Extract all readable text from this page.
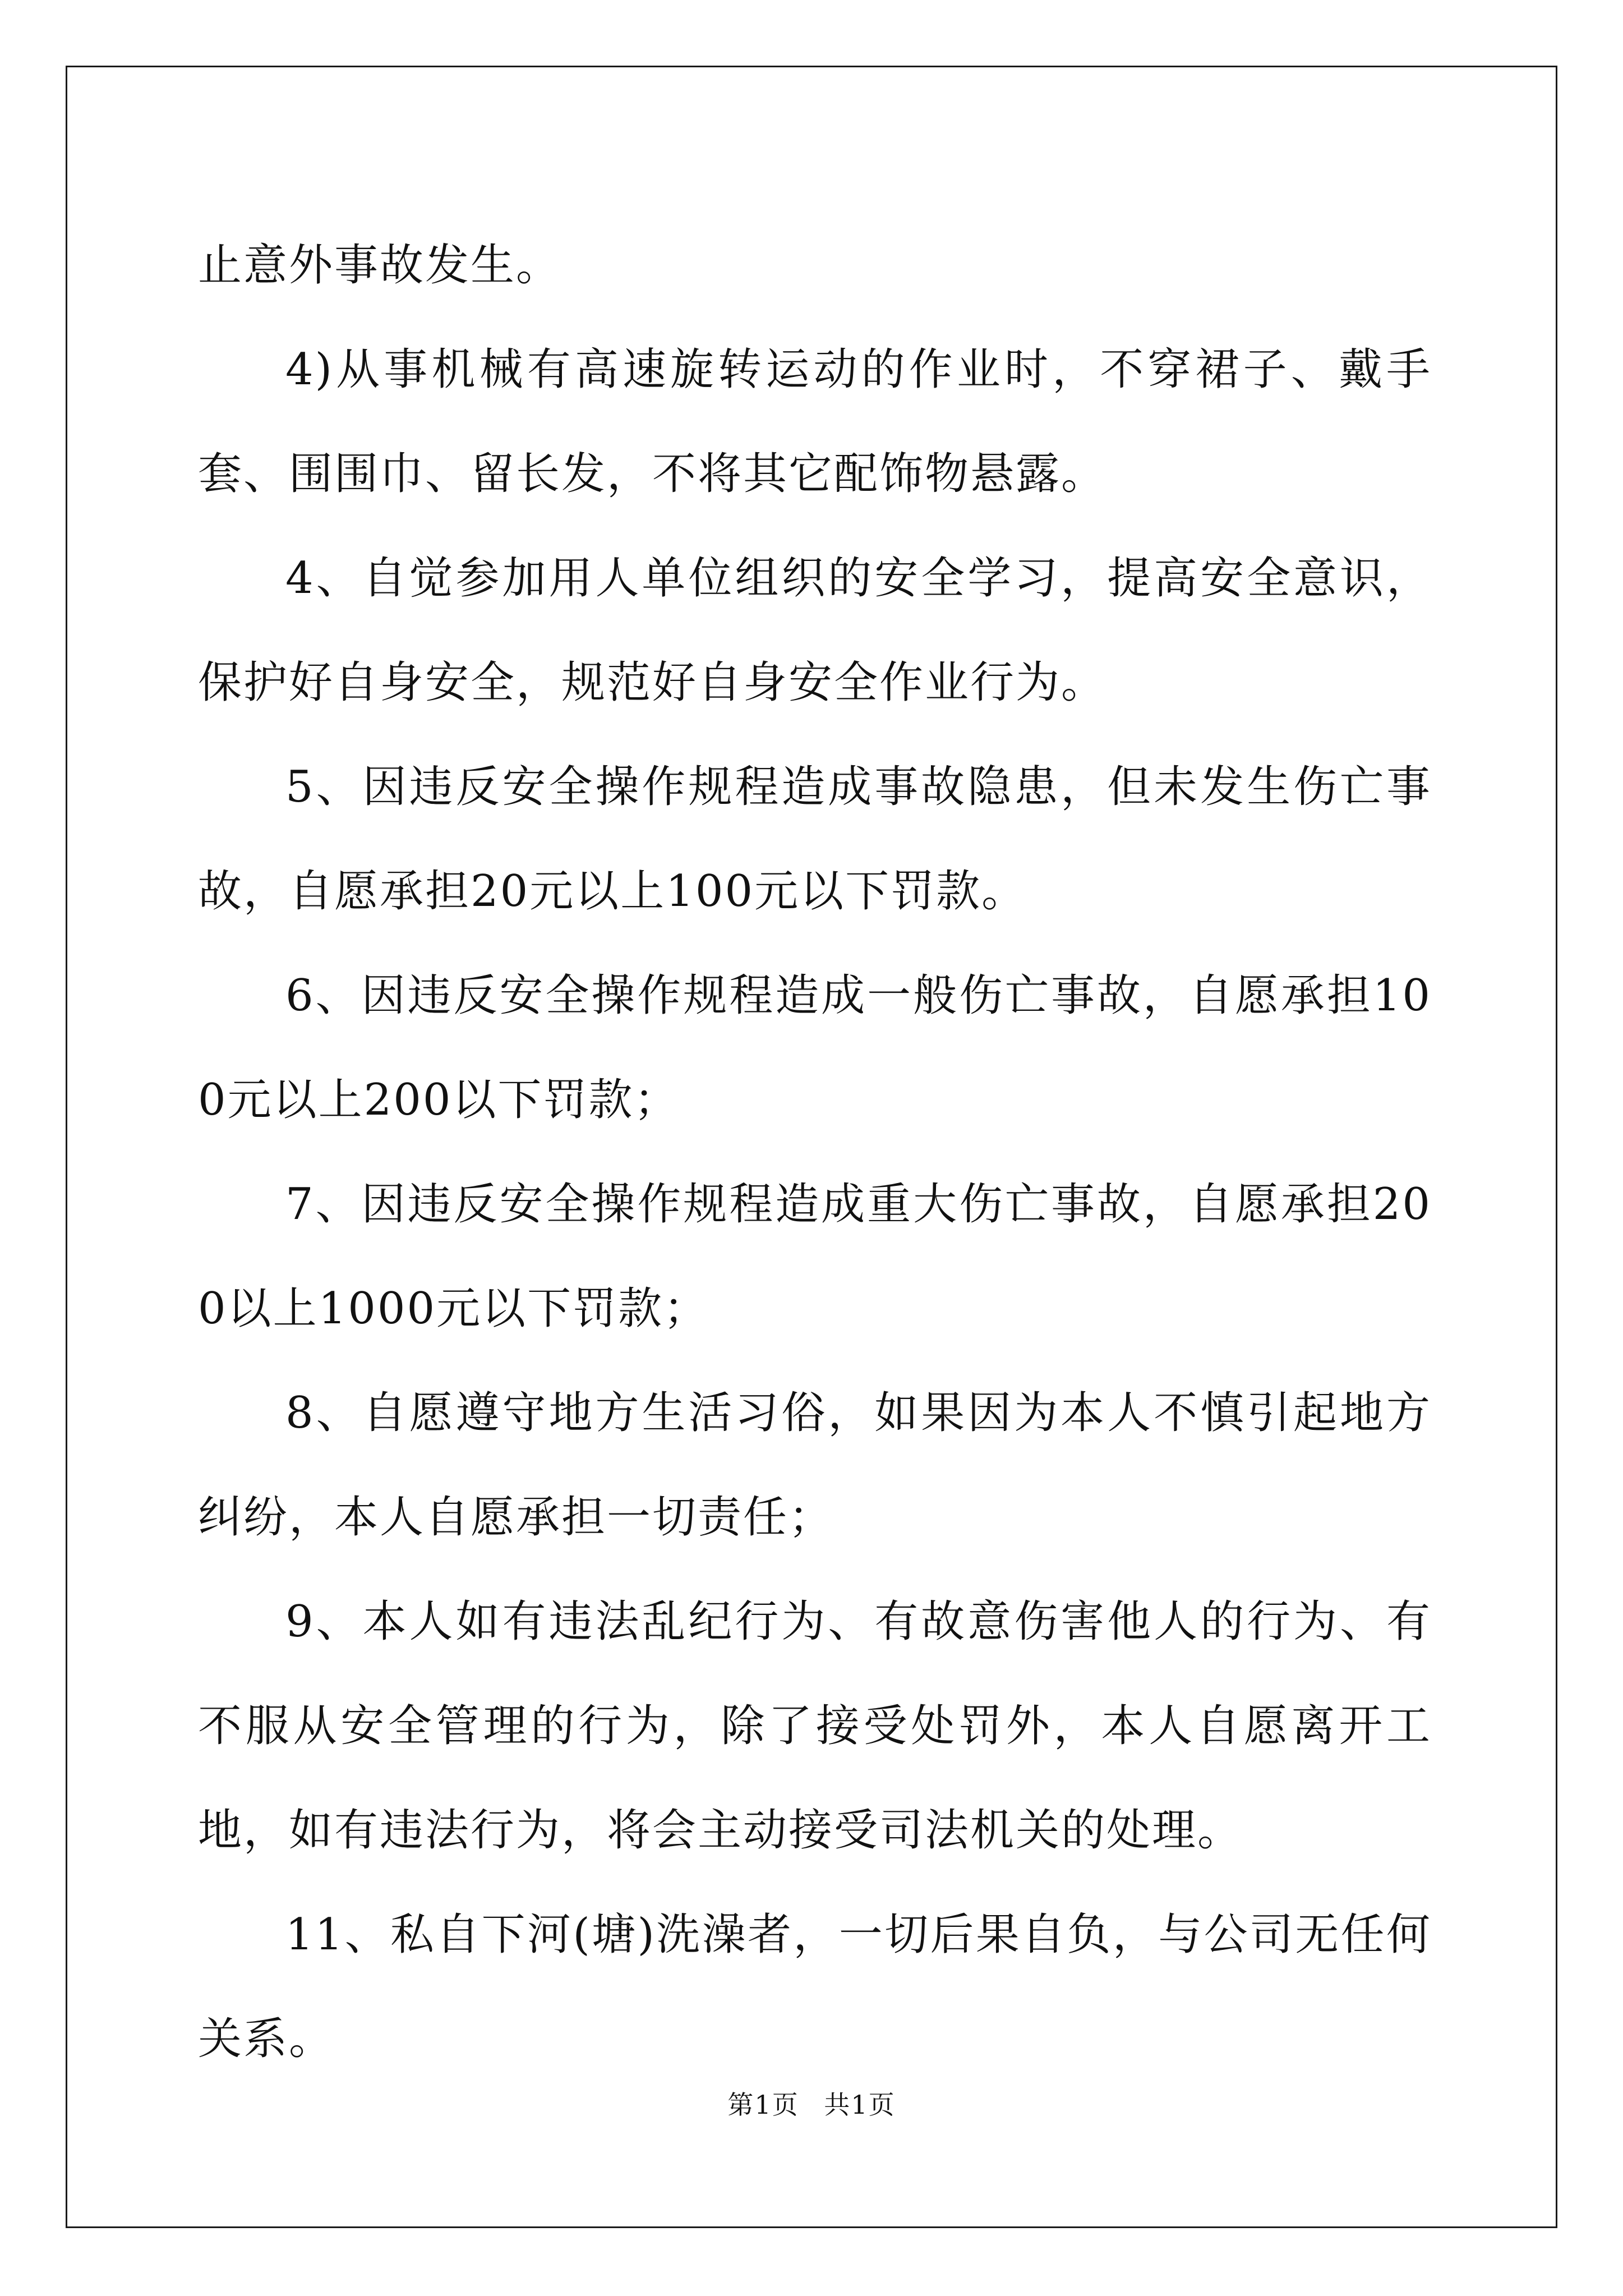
止意外事故发生。

4)从事机械有高速旋转运动的作业时，不穿裙子、戴手套、围围巾、留长发，不将其它配饰物悬露。

4、自觉参加用人单位组织的安全学习，提高安全意识，保护好自身安全，规范好自身安全作业行为。

5、因违反安全操作规程造成事故隐患，但未发生伤亡事故，自愿承担20元以上100元以下罚款。

6、因违反安全操作规程造成一般伤亡事故，自愿承担100元以上200以下罚款；

7、因违反安全操作规程造成重大伤亡事故，自愿承担200以上1000元以下罚款；

8、自愿遵守地方生活习俗，如果因为本人不慎引起地方纠纷，本人自愿承担一切责任；

9、本人如有违法乱纪行为、有故意伤害他人的行为、有不服从安全管理的行为，除了接受处罚外，本人自愿离开工地，如有违法行为，将会主动接受司法机关的处理。

11、私自下河(塘)洗澡者，一切后果自负，与公司无任何关系。

第1页 共1页
